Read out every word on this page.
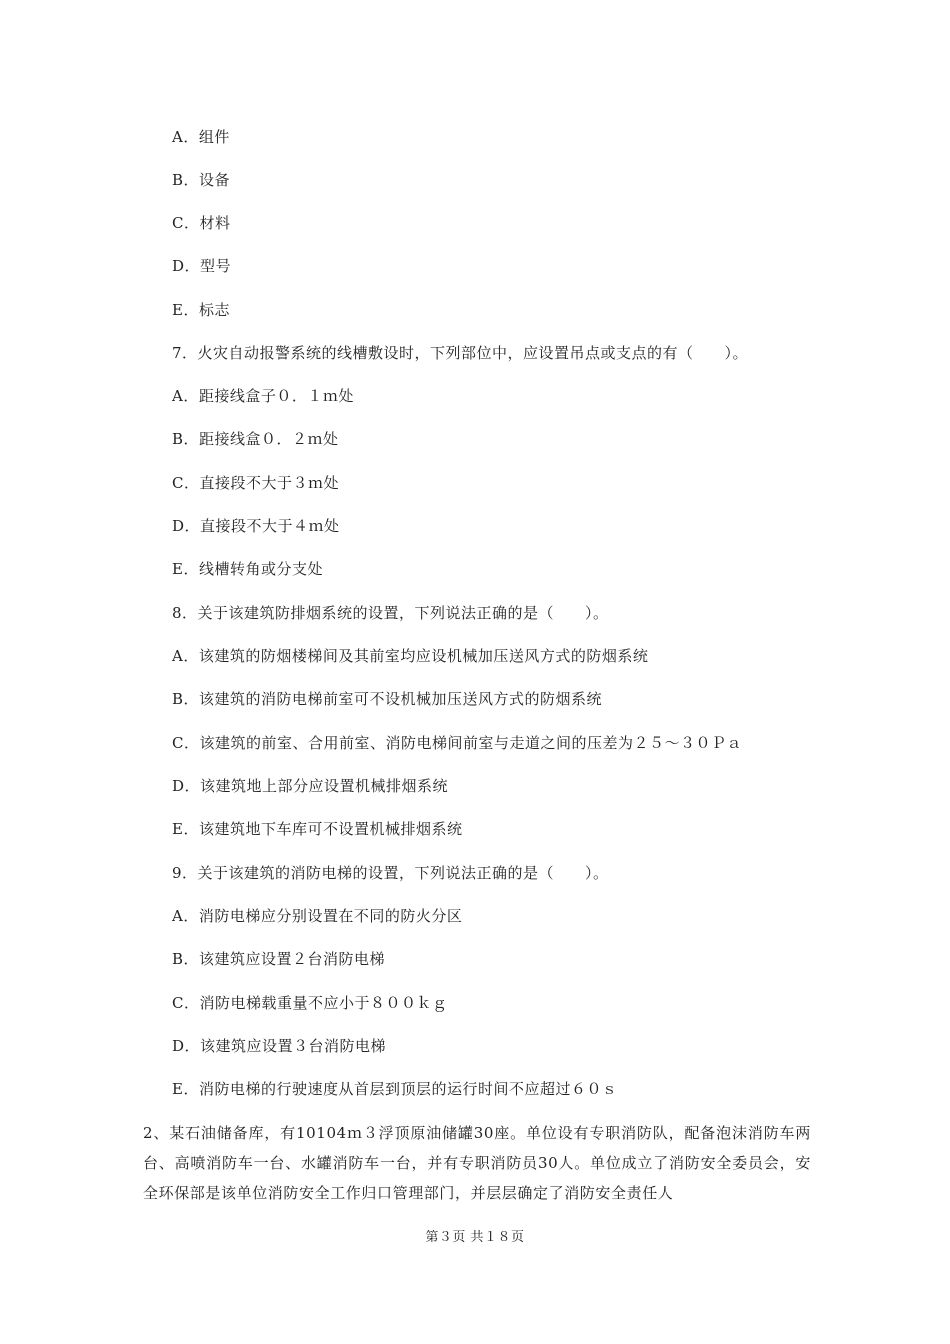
A．组件
B．设备
C．材料
D．型号
E．标志
7．火灾自动报警系统的线槽敷设时，下列部位中，应设置吊点或支点的有（　　）。
A．距接线盒子０．１ｍ处
B．距接线盒０．２ｍ处
C．直接段不大于３ｍ处
D．直接段不大于４ｍ处
E．线槽转角或分支处
8．关于该建筑防排烟系统的设置，下列说法正确的是（　　）。
A．该建筑的防烟楼梯间及其前室均应设机械加压送风方式的防烟系统
B．该建筑的消防电梯前室可不设机械加压送风方式的防烟系统
C．该建筑的前室、合用前室、消防电梯间前室与走道之间的压差为２５～３０Ｐａ
D．该建筑地上部分应设置机械排烟系统
E．该建筑地下车库可不设置机械排烟系统
9．关于该建筑的消防电梯的设置，下列说法正确的是（　　）。
A．消防电梯应分别设置在不同的防火分区
B．该建筑应设置２台消防电梯
C．消防电梯载重量不应小于８００ｋｇ
D．该建筑应设置３台消防电梯
E．消防电梯的行驶速度从首层到顶层的运行时间不应超过６０ｓ
2、某石油储备库，有10104ｍ３浮顶原油储罐30座。单位设有专职消防队，配备泡沫消防车两台、高喷消防车一台、水罐消防车一台，并有专职消防员30人。单位成立了消防安全委员会，安全环保部是该单位消防安全工作归口管理部门，并层层确定了消防安全责任人
第３页 共１８页
